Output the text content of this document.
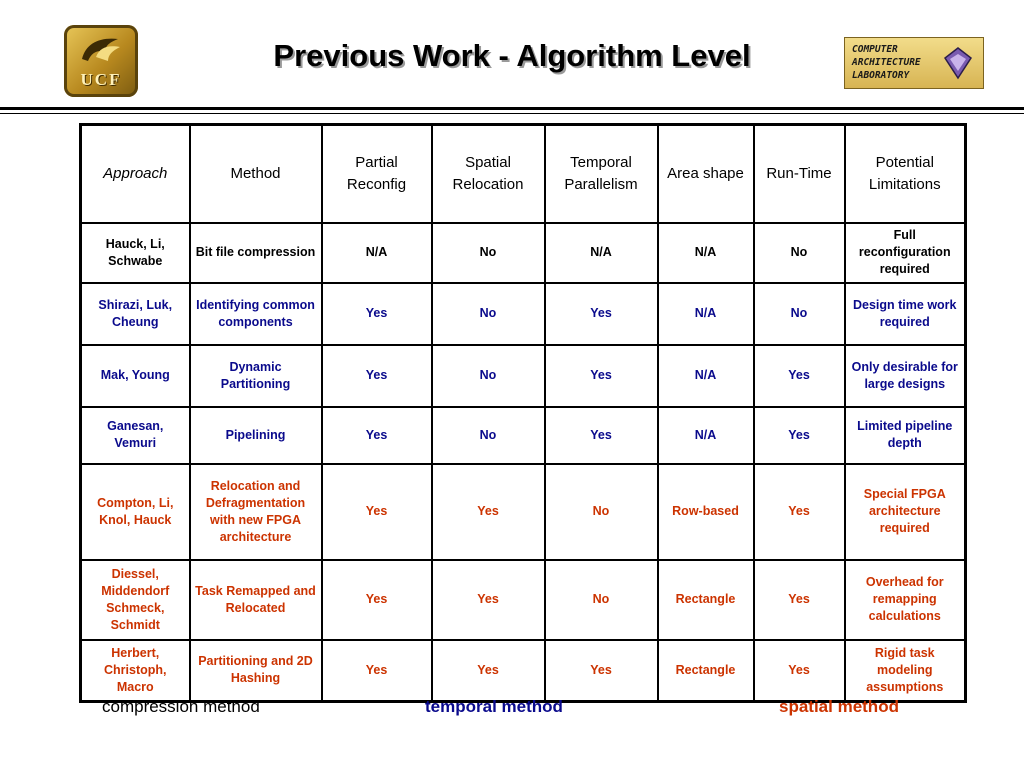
UCF
Previous Work - Algorithm Level	COMPUTER
ARCHITECTURE
LABORATORY
Approach	Method	Partial Reconfig	Spatial Relocation	Temporal Parallelism	Area shape	Run-Time	Potential Limitations
Hauck, Li, Schwabe	Bit file compression	N/A	No	N/A	N/A	No	Full reconfiguration required
Shirazi, Luk, Cheung	Identifying common components	Yes	No	Yes	N/A	No	Design time work required
Mak, Young	Dynamic Partitioning	Yes	No	Yes	N/A	Yes	Only desirable for large designs
Ganesan, Vemuri	Pipelining	Yes	No	Yes	N/A	Yes	Limited pipeline depth
Compton, Li, Knol, Hauck	Relocation and Defragmentation with new FPGA architecture	Yes	Yes	No	Row-based	Yes	Special FPGA architecture required
Diessel, Middendorf Schmeck, Schmidt	Task Remapped and Relocated	Yes	Yes	No	Rectangle	Yes	Overhead for remapping calculations
Herbert, Christoph, Macro	Partitioning and 2D Hashing	Yes	Yes	Yes	Rectangle	Yes	Rigid task modeling assumptions
compression method	temporal method	spatial method
